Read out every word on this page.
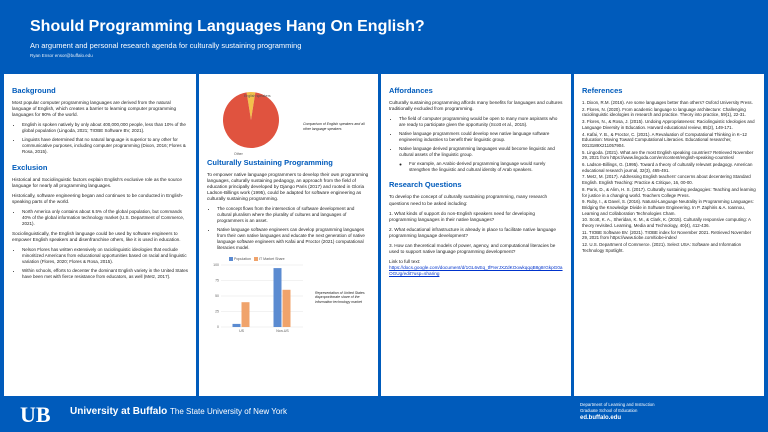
Should Programming Languages Hang On English?
An argument and personal research agenda for culturally sustaining programming
Ryan Ensor ensor@buffalo.edu
Background

Most popular computer programming languages are derived from the natural language of English, which creates a barrier to learning computer programming languages for 90% of the world.

• English is spoken natively by only about 400,000,000 people, less than 10% of the global population (Lingoda, 2021; TIOBE Software BV, 2021).
• Linguists have determined that no natural language is superior to any other for communicative purposes, including computer programming (Dixon, 2016; Flores & Rosa, 2015).
Exclusion

Historical and Sociolinguistic factors explain English's exclusive role as the source language for nearly all programming languages.

Historically, software engineering began and continues to be conducted in English-speaking parts of the world.

• North America only contains about 6.5% of the global population, but commands 40% of the global information technology market (U.S. Department of Commerce, 2021).

Sociolinguistically, the English language could be used by software engineers to empower English speakers and disenfranchise others, like it is used in education.

• Nelson Flores has written extensively on raciolinguistic ideologies that exclude minoritized Americans from educational opportunities based on racial and linguistic variation (Flores, 2020; Flores & Rosa, 2015).
• Within schools, efforts to decenter the dominant English variety in the United States have been met with fierce resistance from educators, as well (Metz, 2017).
English speakers
Other
Comparison of English speakers and all other language speakers
Culturally Sustaining Programming

To empower native language programmers to develop their own programming languages, culturally sustaining pedagogy, an approach from the field of education principally developed by Django Paris (2017) and rooted in Gloria Ladson-Billings work (1995), could be adapted for software engineering as culturally sustaining programming.

• The concept flows from the intersection of software development and cultural pluralism where the plurality of cultures and languages of programmers is an asset.
• Native language software engineers can develop programming languages from their own native languages and educate the next generation of native language software engineers with Kafai and Proctor (2021) computational literacies model.
Population IT Market Share
0
25
50
75
100
US	Non-US
Representation of United States disproportionate share of the information technology market
Affordances

Culturally sustaining programming affords many benefits for languages and cultures traditionally excluded from programming.

• The field of computer programming would be open to many more aspirants who are ready to participate given the opportunity (Scott et al., 2015).
• Native language programmers could develop new native language software engineering industries to benefit their linguistic group.
• Native language derived programming languages would become linguistic and cultural assets of the linguistic group.
◦ For example, an Arabic-derived programming language would surely strengthen the linguistic and cultural identity of Arab speakers.
Research Questions

To develop the concept of culturally sustaining programming, many research questions need to be asked including:

1. What kinds of support do non-English speakers need for developing programming languages in their native languages?

2. What educational infrastructure is already in place to facilitate native language programming language development?

3. How can theoretical models of power, agency, and computational literacies be used to support native language programming development?

Link to full text:
https://docs.google.com/document/d/1GL6vEq_tfFIerJXZdKOowkqqqB8g8rGkpG0aOGUg/edit?usp=sharing

References
1. Dixon, R.M. (2016). Are some languages better than others? Oxford University Press.
2. Flores, N. (2020). From academic language to language architecture: Challenging raciolinguistic ideologies in research and practice. Theory into practice, 59(1), 22-31.
3. Flores, N., & Rosa, J. (2015). Undoing Appropriateness: Raciolinguistic Ideologies and Language Diversity in Education. Harvard educational review, 85(2), 149-171.
4. Kafai, Y. B., & Proctor, C. (2021). A Revaluation of Computational Thinking in K–12 Education: Moving Toward Computational Literacies. Educational researcher, 0013189X211057904.
5. Lingoda. (2021). What are the most English speaking countries? Retrieved November 29, 2021 from https://www.lingoda.com/en/content/english-speaking-countries/
6. Ladson-Billings, G. (1995). Toward a theory of culturally relevant pedagogy. American educational research journal, 32(3), 465-491.
7. Metz, M. (2017). Addressing English teachers' concerns about decentering Standard English. English Teaching: Practice & Critique, 16, 00-00.
8. Paris, D., & Alim, H. S. (2017). Culturally sustaining pedagogies: Teaching and learning for justice in a changing world. Teachers College Press.
9. Ruby, I., & Davel, S. (2016). Natural-Language Neutrality in Programming Languages: Bridging the Knowledge Divide in Software Engineering. In P. Zaphiris & A. Ioannou, Learning and Collaboration Technologies Cham.
10. Scott, K. A., Sheridan, K. M., & Clark, K. (2015). Culturally responsive computing: A theory revisited. Learning, Media and Technology, 40(4), 412-436.
11. TIOBE Software BV. (2021). TIOBE index for November 2021. Retrieved November 29, 2021 from https://www.tiobe.com/tiobe-index/
12. U.S. Department of Commerce. (2021). Select USA: Software and Information Technology Spotlight.
UB University at Buffalo The State University of New York
Department of Learning and Instruction
Graduate School of Education
ed.buffalo.edu
